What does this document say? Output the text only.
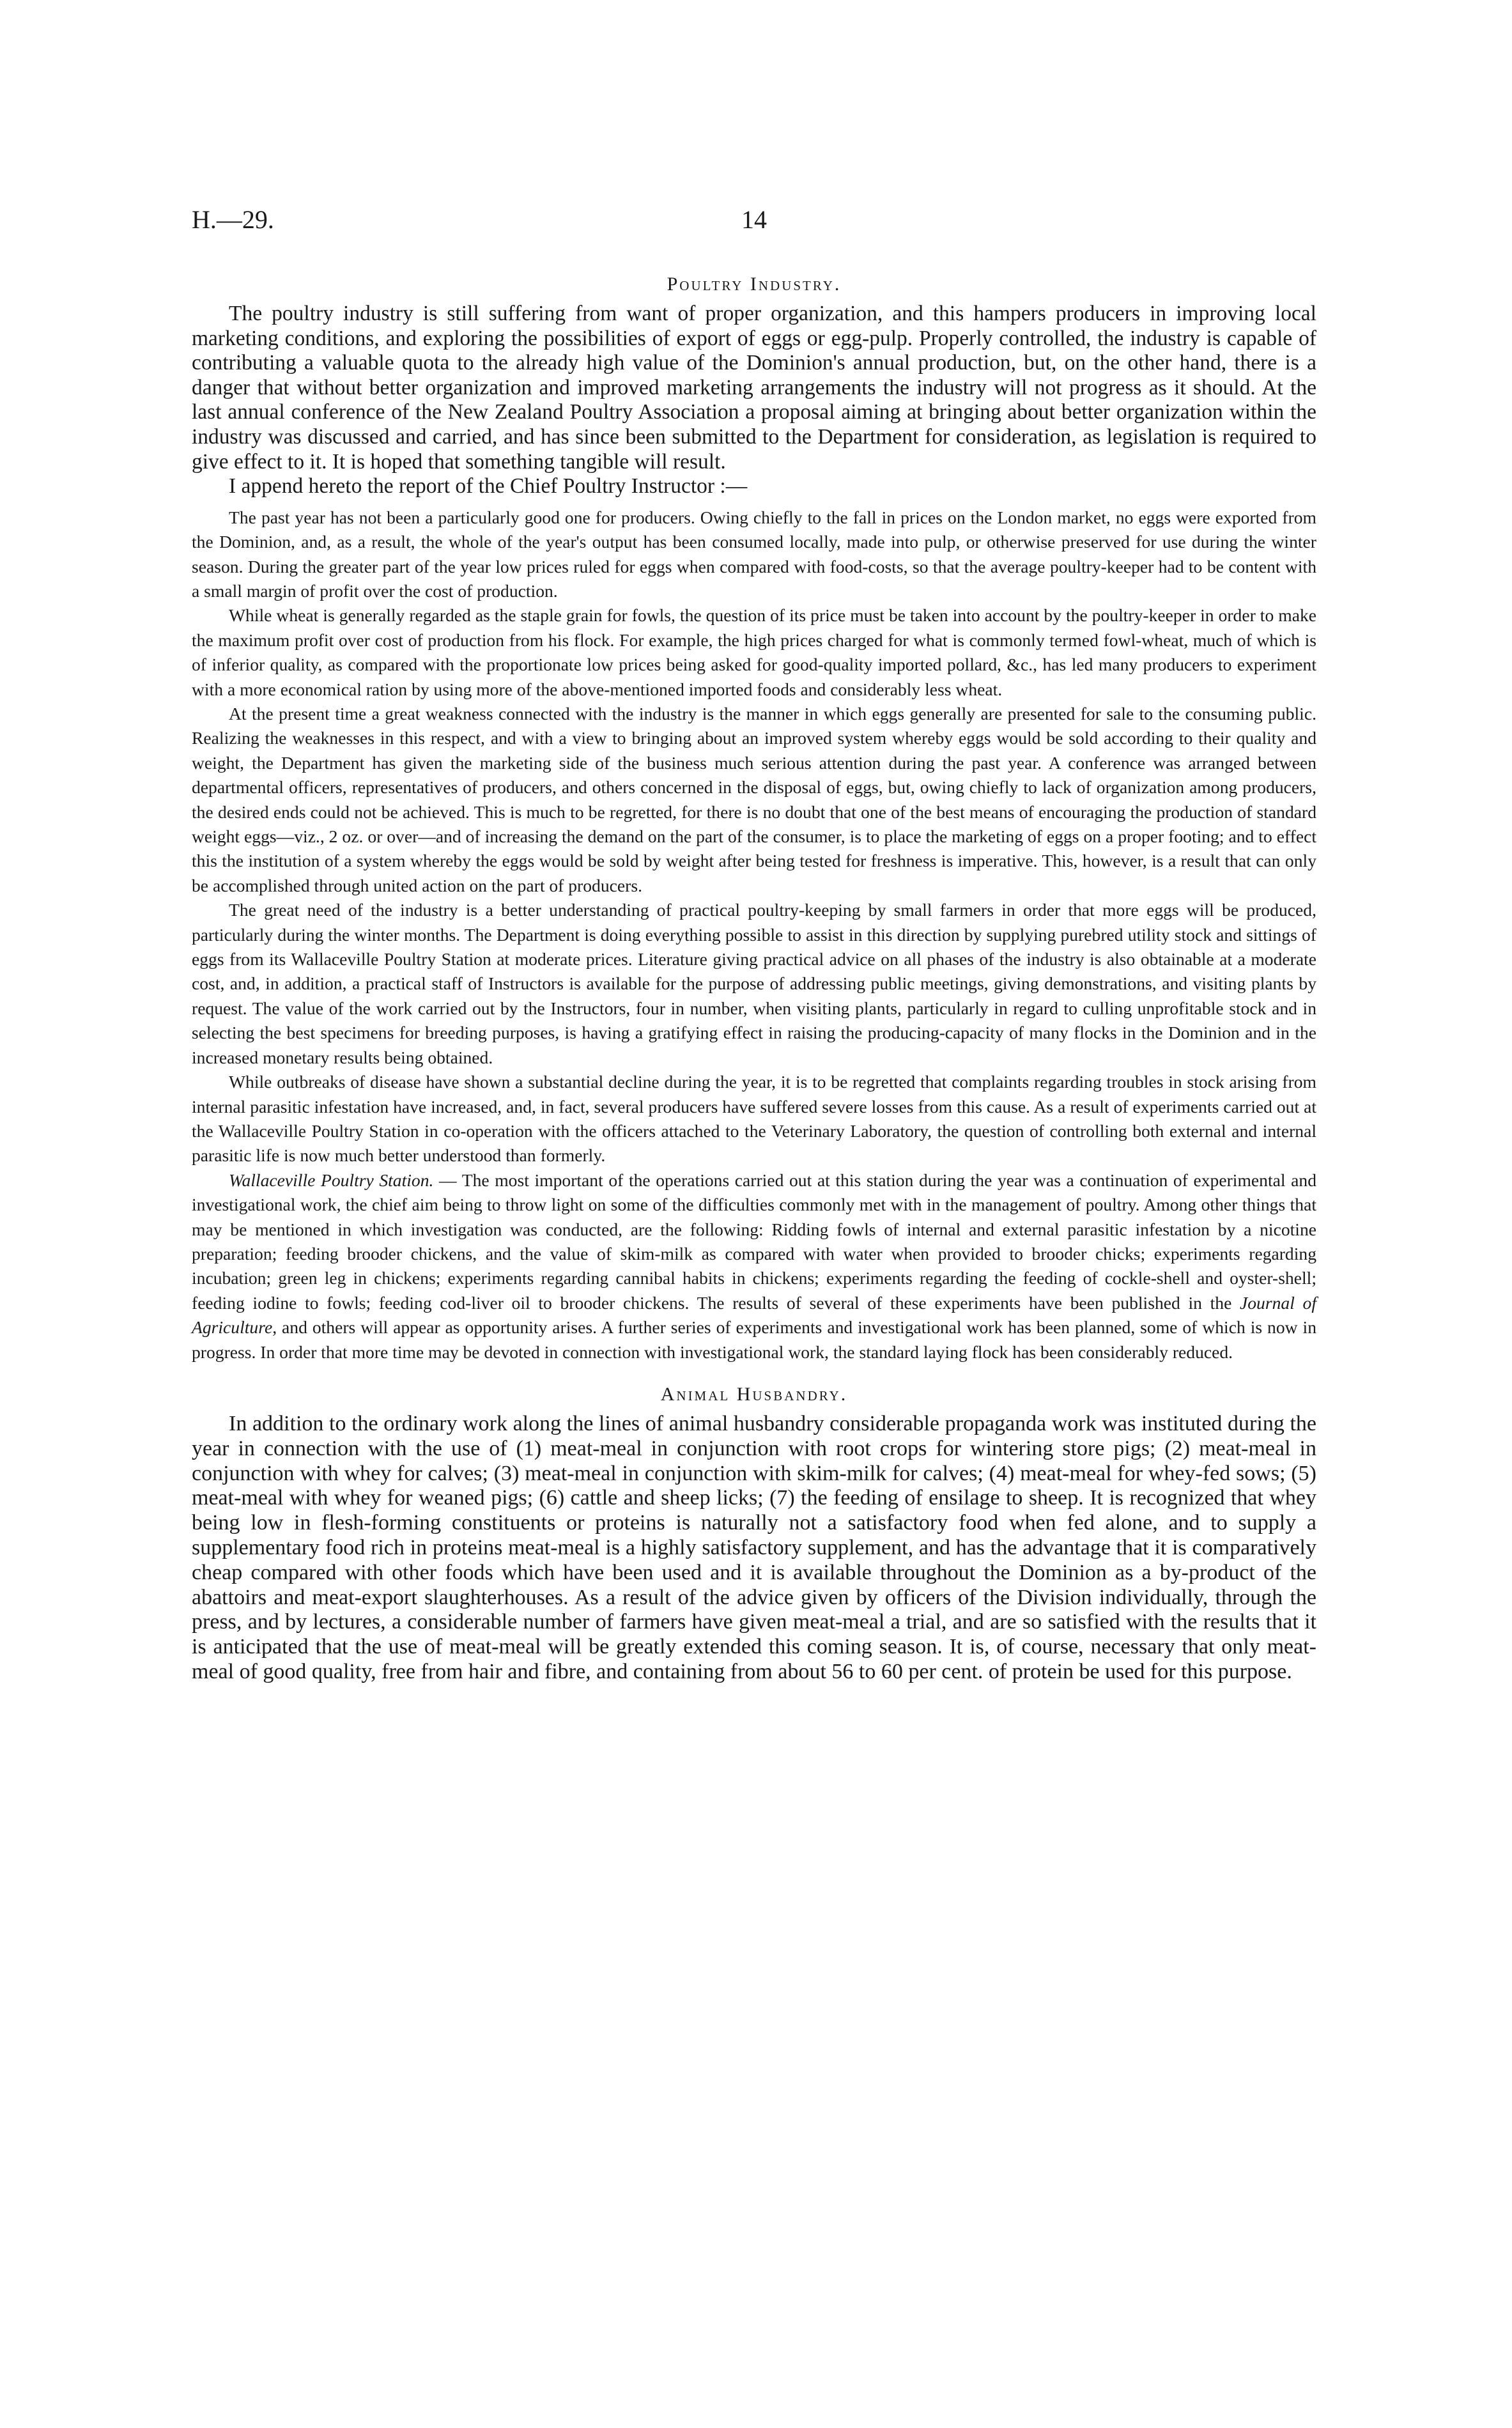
H.—29.	14
Poultry Industry.

The poultry industry is still suffering from want of proper organization, and this hampers producers in improving local marketing conditions, and exploring the possibilities of export of eggs or egg-pulp. Properly controlled, the industry is capable of contributing a valuable quota to the already high value of the Dominion's annual production, but, on the other hand, there is a danger that without better organization and improved marketing arrangements the industry will not progress as it should. At the last annual conference of the New Zealand Poultry Association a proposal aiming at bringing about better organization within the industry was discussed and carried, and has since been submitted to the Department for consideration, as legislation is required to give effect to it. It is hoped that something tangible will result.

I append hereto the report of the Chief Poultry Instructor :—

The past year has not been a particularly good one for producers. Owing chiefly to the fall in prices on the London market, no eggs were exported from the Dominion, and, as a result, the whole of the year's output has been consumed locally, made into pulp, or otherwise preserved for use during the winter season. During the greater part of the year low prices ruled for eggs when compared with food-costs, so that the average poultry-keeper had to be content with a small margin of profit over the cost of production.

While wheat is generally regarded as the staple grain for fowls, the question of its price must be taken into account by the poultry-keeper in order to make the maximum profit over cost of production from his flock. For example, the high prices charged for what is commonly termed fowl-wheat, much of which is of inferior quality, as compared with the proportionate low prices being asked for good-quality imported pollard, &c., has led many producers to experiment with a more economical ration by using more of the above-mentioned imported foods and considerably less wheat.

At the present time a great weakness connected with the industry is the manner in which eggs generally are presented for sale to the consuming public. Realizing the weaknesses in this respect, and with a view to bringing about an improved system whereby eggs would be sold according to their quality and weight, the Department has given the marketing side of the business much serious attention during the past year. A conference was arranged between departmental officers, representatives of producers, and others concerned in the disposal of eggs, but, owing chiefly to lack of organization among producers, the desired ends could not be achieved. This is much to be regretted, for there is no doubt that one of the best means of encouraging the production of standard weight eggs—viz., 2 oz. or over—and of increasing the demand on the part of the consumer, is to place the marketing of eggs on a proper footing; and to effect this the institution of a system whereby the eggs would be sold by weight after being tested for freshness is imperative. This, however, is a result that can only be accomplished through united action on the part of producers.

The great need of the industry is a better understanding of practical poultry-keeping by small farmers in order that more eggs will be produced, particularly during the winter months. The Department is doing everything possible to assist in this direction by supplying purebred utility stock and sittings of eggs from its Wallaceville Poultry Station at moderate prices. Literature giving practical advice on all phases of the industry is also obtainable at a moderate cost, and, in addition, a practical staff of Instructors is available for the purpose of addressing public meetings, giving demonstrations, and visiting plants by request. The value of the work carried out by the Instructors, four in number, when visiting plants, particularly in regard to culling unprofitable stock and in selecting the best specimens for breeding purposes, is having a gratifying effect in raising the producing-capacity of many flocks in the Dominion and in the increased monetary results being obtained.

While outbreaks of disease have shown a substantial decline during the year, it is to be regretted that complaints regarding troubles in stock arising from internal parasitic infestation have increased, and, in fact, several producers have suffered severe losses from this cause. As a result of experiments carried out at the Wallaceville Poultry Station in co-operation with the officers attached to the Veterinary Laboratory, the question of controlling both external and internal parasitic life is now much better understood than formerly.

Wallaceville Poultry Station. — The most important of the operations carried out at this station during the year was a continuation of experimental and investigational work, the chief aim being to throw light on some of the difficulties commonly met with in the management of poultry. Among other things that may be mentioned in which investigation was conducted, are the following: Ridding fowls of internal and external parasitic infestation by a nicotine preparation; feeding brooder chickens, and the value of skim-milk as compared with water when provided to brooder chicks; experiments regarding incubation; green leg in chickens; experiments regarding cannibal habits in chickens; experiments regarding the feeding of cockle-shell and oyster-shell; feeding iodine to fowls; feeding cod-liver oil to brooder chickens. The results of several of these experiments have been published in the Journal of Agriculture, and others will appear as opportunity arises. A further series of experiments and investigational work has been planned, some of which is now in progress. In order that more time may be devoted in connection with investigational work, the standard laying flock has been considerably reduced.

Animal Husbandry.

In addition to the ordinary work along the lines of animal husbandry considerable propaganda work was instituted during the year in connection with the use of (1) meat-meal in conjunction with root crops for wintering store pigs; (2) meat-meal in conjunction with whey for calves; (3) meat-meal in conjunction with skim-milk for calves; (4) meat-meal for whey-fed sows; (5) meat-meal with whey for weaned pigs; (6) cattle and sheep licks; (7) the feeding of ensilage to sheep. It is recognized that whey being low in flesh-forming constituents or proteins is naturally not a satisfactory food when fed alone, and to supply a supplementary food rich in proteins meat-meal is a highly satisfactory supplement, and has the advantage that it is comparatively cheap compared with other foods which have been used and it is available throughout the Dominion as a by-product of the abattoirs and meat-export slaughterhouses. As a result of the advice given by officers of the Division individually, through the press, and by lectures, a considerable number of farmers have given meat-meal a trial, and are so satisfied with the results that it is anticipated that the use of meat-meal will be greatly extended this coming season. It is, of course, necessary that only meat-meal of good quality, free from hair and fibre, and containing from about 56 to 60 per cent. of protein be used for this purpose.
